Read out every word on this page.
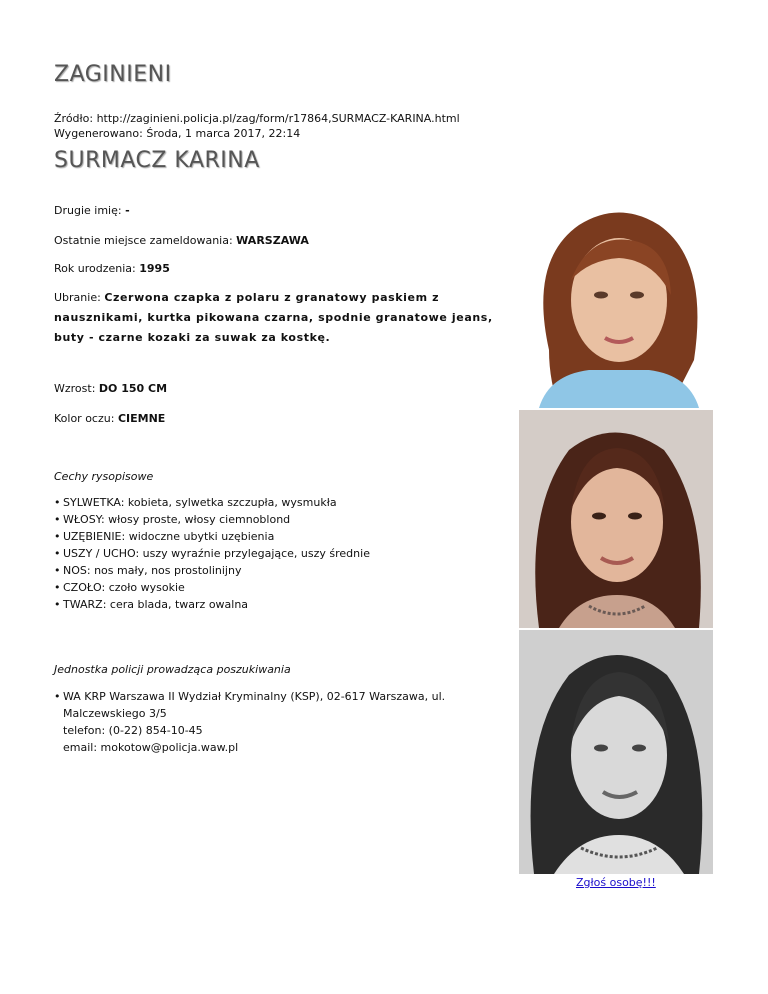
ZAGINIENI
Źródło: http://zaginieni.policja.pl/zag/form/r17864,SURMACZ-KARINA.html
Wygenerowano: Środa, 1 marca 2017, 22:14
SURMACZ KARINA
Drugie imię: -
Ostatnie miejsce zameldowania: WARSZAWA
Rok urodzenia: 1995
Ubranie: Czerwona czapka z polaru z granatowy paskiem z nausznikami, kurtka pikowana czarna, spodnie granatowe jeans, buty - czarne kozaki za suwak za kostkę.
Wzrost: DO 150 CM
Kolor oczu: CIEMNE
Cechy rysopisowe
• SYLWETKA: kobieta, sylwetka szczupła, wysmukła
• WŁOSY: włosy proste, włosy ciemnoblond
• UZĘBIENIE: widoczne ubytki uzębienia
• USZY / UCHO: uszy wyraźnie przylegające, uszy średnie
• NOS: nos mały, nos prostolinijny
• CZOŁO: czoło wysokie
• TWARZ: cera blada, twarz owalna
Jednostka policji prowadząca poszukiwania
• WA KRP Warszawa II Wydział Kryminalny (KSP), 02-617 Warszawa, ul. Malczewskiego 3/5
telefon: (0-22) 854-10-45
email: mokotow@policja.waw.pl
Zgłoś osobę!!!
